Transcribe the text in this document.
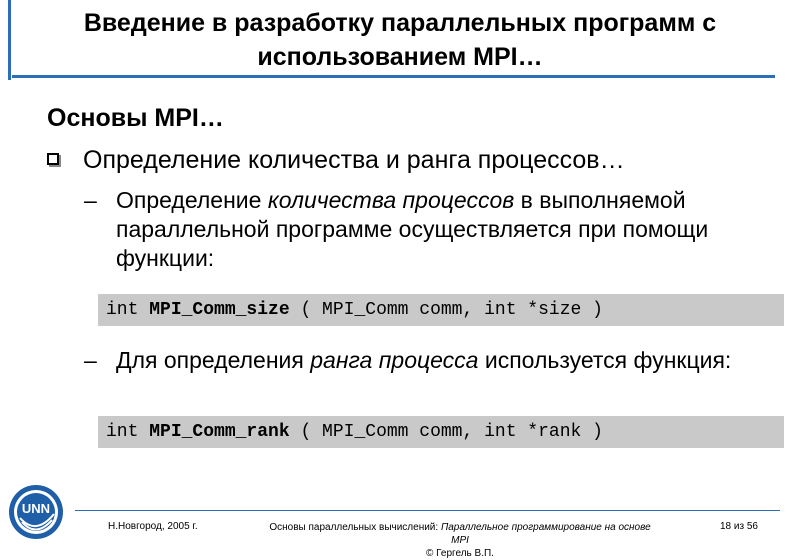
Введение в разработку параллельных программ с
использованием MPI…
Основы MPI…
Определение количества и ранга процессов…
– Определение количества процессов в выполняемой параллельной программе осуществляется при помощи функции:
int MPI_Comm_size ( MPI_Comm comm, int *size )
– Для определения ранга процесса используется функция:
int MPI_Comm_rank ( MPI_Comm comm, int *rank )
UNN
Н.Новгород, 2005 г.	Основы параллельных вычислений: Параллельное программирование на основе
MPI
© Гергель В.П.
18 из 56
